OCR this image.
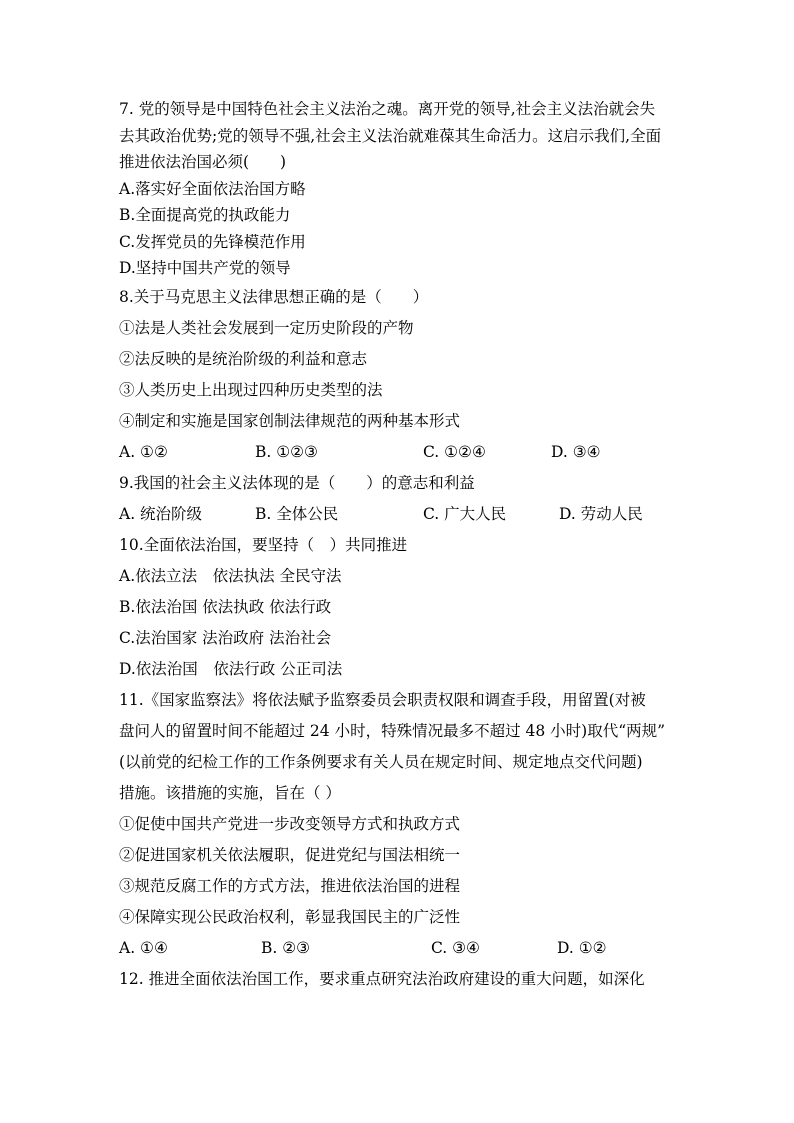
7. 党的领导是中国特色社会主义法治之魂。离开党的领导,社会主义法治就会失
去其政治优势;党的领导不强,社会主义法治就难葆其生命活力。这启示我们,全面
推进依法治国必须(　　)
A.落实好全面依法治国方略
B.全面提高党的执政能力
C.发挥党员的先锋模范作用
D.坚持中国共产党的领导
8.关于马克思主义法律思想正确的是（　　）
①法是人类社会发展到一定历史阶段的产物
②法反映的是统治阶级的利益和意志
③人类历史上出现过四种历史类型的法
④制定和实施是国家创制法律规范的两种基本形式
A. ①②	B. ①②③	C. ①②④	D. ③④
9.我国的社会主义法体现的是（　　）的意志和利益
A. 统治阶级	B. 全体公民	C. 广大人民	D. 劳动人民
10.全面依法治国，要坚持（　）共同推进
A.依法立法　依法执法 全民守法
B.依法治国 依法执政 依法行政
C.法治国家 法治政府 法治社会
D.依法治国　依法行政 公正司法
11.《国家监察法》将依法赋予监察委员会职责权限和调查手段，用留置(对被
盘问人的留置时间不能超过 24 小时，特殊情况最多不超过 48 小时)取代“两规”
(以前党的纪检工作的工作条例要求有关人员在规定时间、规定地点交代问题)
措施。该措施的实施，旨在（ ）
①促使中国共产党进一步改变领导方式和执政方式
②促进国家机关依法履职，促进党纪与国法相统一
③规范反腐工作的方式方法，推进依法治国的进程
④保障实现公民政治权利，彰显我国民主的广泛性
A. ①④	B. ②③	C. ③④	D. ①②
12. 推进全面依法治国工作，要求重点研究法治政府建设的重大问题，如深化
